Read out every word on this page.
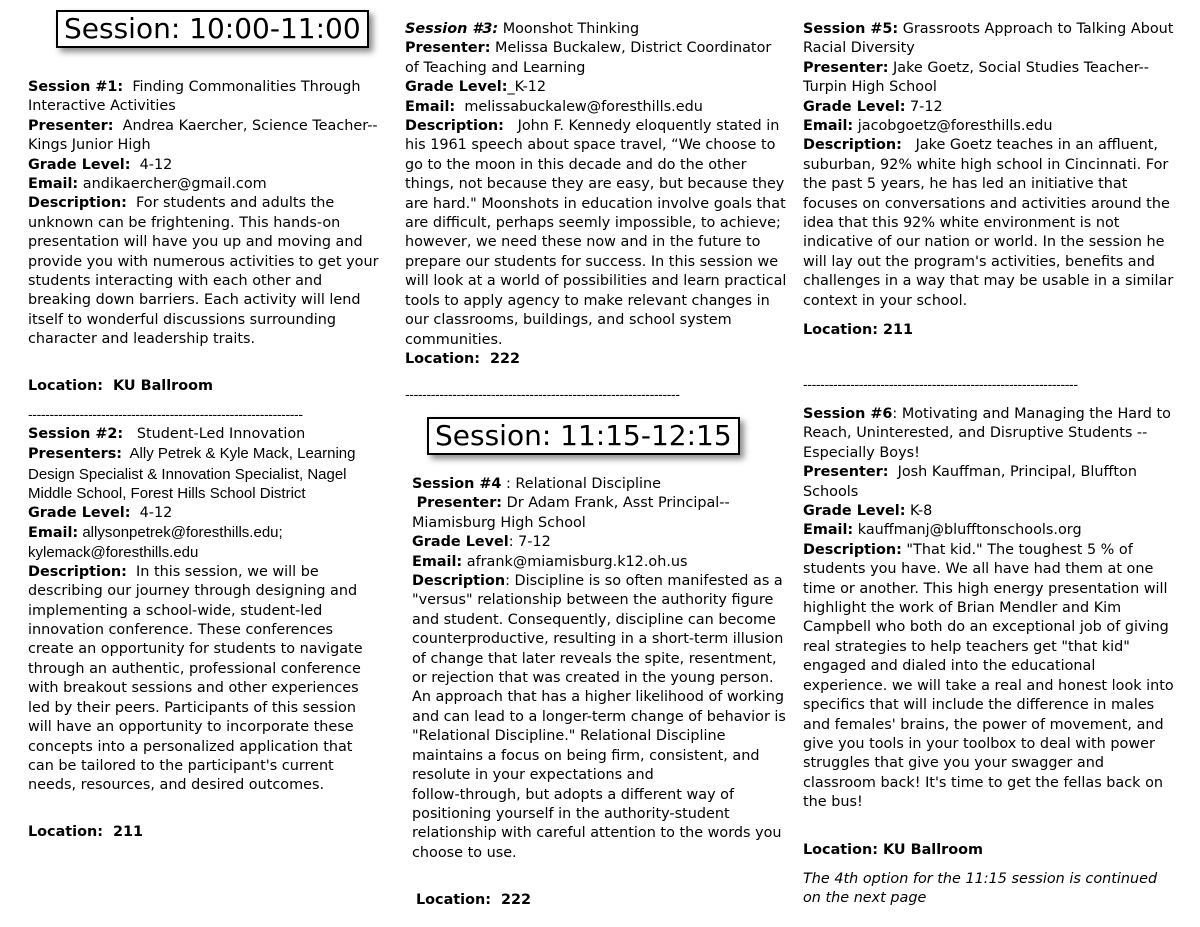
Session: 10:00-11:00

Session #1: Finding Commonalities Through Interactive Activities

Presenter: Andrea Kaercher, Science Teacher--Kings Junior High

Grade Level: 4-12

Email: andikaercher@gmail.com

Description: For students and adults the unknown can be frightening. This hands-on presentation will have you up and moving and provide you with numerous activities to get your students interacting with each other and breaking down barriers. Each activity will lend itself to wonderful discussions surrounding character and leadership traits.

Location: KU Ballroom
----------------------------------------------------------------

Session #2: Student-Led Innovation

Presenters: Ally Petrek & Kyle Mack, Learning Design Specialist & Innovation Specialist, Nagel Middle School, Forest Hills School District

Grade Level: 4-12

Email: allysonpetrek@foresthills.edu; kylemack@foresthills.edu

Description: In this session, we will be describing our journey through designing and implementing a school-wide, student-led innovation conference. These conferences create an opportunity for students to navigate through an authentic, professional conference with breakout sessions and other experiences led by their peers. Participants of this session will have an opportunity to incorporate these concepts into a personalized application that can be tailored to the participant's current needs, resources, and desired outcomes.

Location: 211

Session #3: Moonshot Thinking

Presenter: Melissa Buckalew, District Coordinator of Teaching and Learning

Grade Level:_K-12

Email: melissabuckalew@foresthills.edu

Description: John F. Kennedy eloquently stated in his 1961 speech about space travel, “We choose to go to the moon in this decade and do the other things, not because they are easy, but because they are hard." Moonshots in education involve goals that are difficult, perhaps seemly impossible, to achieve; however, we need these now and in the future to prepare our students for success. In this session we will look at a world of possibilities and learn practical tools to apply agency to make relevant changes in our classrooms, buildings, and school system communities.

Location: 222

----------------------------------------------------------------
Session: 11:15-12:15

Session #4 : Relational Discipline

Presenter: Dr Adam Frank, Asst Principal--Miamisburg High School

Grade Level: 7-12

Email: afrank@miamisburg.k12.oh.us

Description: Discipline is so often manifested as a "versus" relationship between the authority figure and student. Consequently, discipline can become counterproductive, resulting in a short-term illusion of change that later reveals the spite, resentment, or rejection that was created in the young person. An approach that has a higher likelihood of working and can lead to a longer-term change of behavior is "Relational Discipline." Relational Discipline maintains a focus on being firm, consistent, and resolute in your expectations and

follow-through, but adopts a different way of positioning yourself in the authority-student relationship with careful attention to the words you choose to use.

Location: 222

Session #5: Grassroots Approach to Talking About Racial Diversity

Presenter: Jake Goetz, Social Studies Teacher--Turpin High School

Grade Level: 7-12

Email: jacobgoetz@foresthills.edu

Description: Jake Goetz teaches in an affluent, suburban, 92% white high school in Cincinnati. For the past 5 years, he has led an initiative that focuses on conversations and activities around the idea that this 92% white environment is not indicative of our nation or world. In the session he will lay out the program's activities, benefits and challenges in a way that may be usable in a similar context in your school.

Location: 211
----------------------------------------------------------------

Session #6: Motivating and Managing the Hard to Reach, Uninterested, and Disruptive Students -- Especially Boys!

Presenter: Josh Kauffman, Principal, Bluffton Schools

Grade Level: K-8

Email: kauffmanj@blufftonschools.org

Description: "That kid." The toughest 5 % of students you have. We all have had them at one time or another. This high energy presentation will highlight the work of Brian Mendler and Kim Campbell who both do an exceptional job of giving real strategies to help teachers get "that kid" engaged and dialed into the educational experience. we will take a real and honest look into specifics that will include the difference in males and females' brains, the power of movement, and give you tools in your toolbox to deal with power struggles that give you your swagger and classroom back! It's time to get the fellas back on the bus!

Location: KU Ballroom
The 4th option for the 11:15 session is continued on the next page
